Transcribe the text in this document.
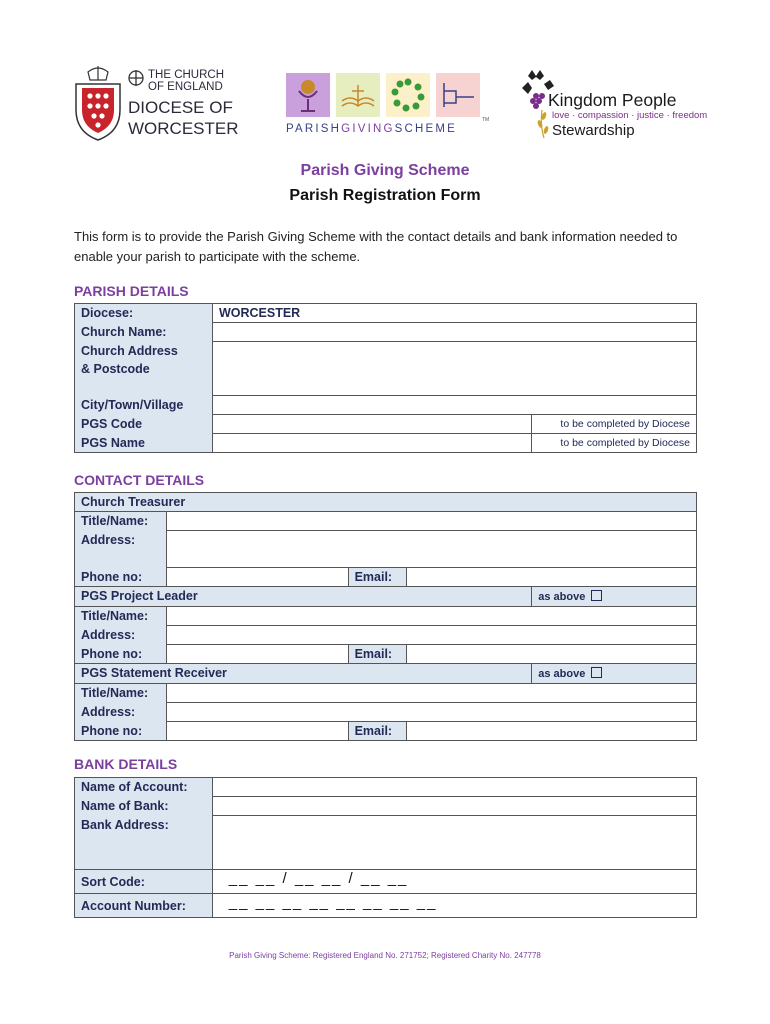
THE CHURCH
OF ENGLAND
DIOCESE OF
WORCESTER	PARISHGIVINGSCHEME
TM
Kingdom People
love · compassion · justice · freedom
Stewardship
Parish Giving Scheme
Parish Registration Form
This form is to provide the Parish Giving Scheme with the contact details and bank information needed to enable your parish to participate with the scheme.
PARISH DETAILS
Diocese:	WORCESTER	
Church Name:		
Church Address
& Postcode		
City/Town/Village		
PGS Code		to be completed by Diocese
PGS Name		to be completed by Diocese
CONTACT DETAILS
Church Treasurer				
Title/Name:				
Address:				
Phone no:		Email:		
PGS Project Leader				as above
Title/Name:				
Address:				
Phone no:		Email:		
PGS Statement Receiver				as above
Title/Name:				
Address:				
Phone no:		Email:		
BANK DETAILS
Name of Account:	
Name of Bank:	
Bank Address:	
Sort Code:	__ __ / __ __ / __ __
Account Number:	__ __ __ __ __ __ __ __
Parish Giving Scheme: Registered England No. 271752; Registered Charity No. 247778
